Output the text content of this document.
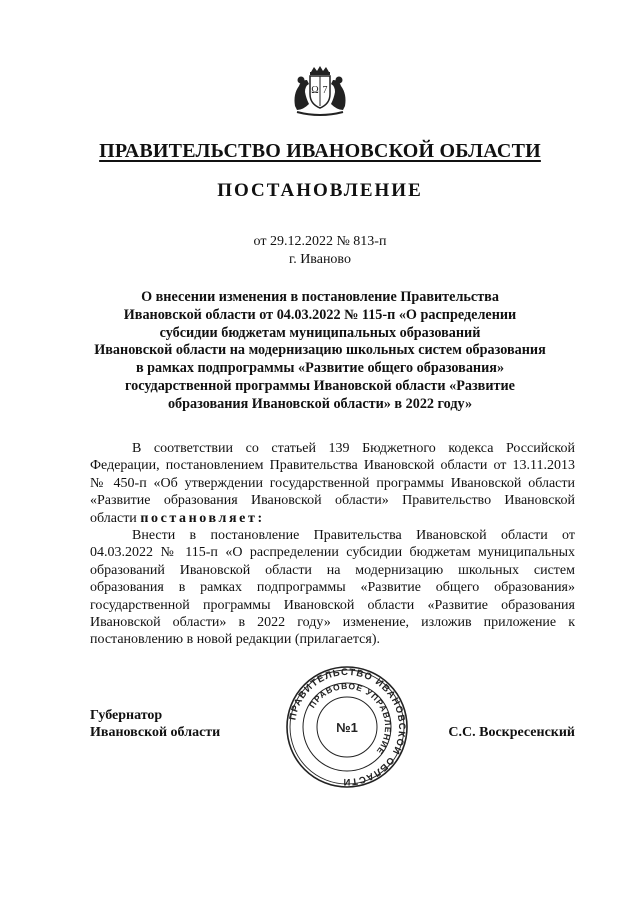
Ω 7
ПРАВИТЕЛЬСТВО ИВАНОВСКОЙ ОБЛАСТИ
ПОСТАНОВЛЕНИЕ
от 29.12.2022 № 813-п
г. Иваново
О внесении изменения в постановление Правительства
Ивановской области от 04.03.2022 № 115-п «О распределении
субсидии бюджетам муниципальных образований
Ивановской области на модернизацию школьных систем образования
в рамках подпрограммы «Развитие общего образования»
государственной программы Ивановской области «Развитие
образования Ивановской области» в 2022 году»

В соответствии со статьей 139 Бюджетного кодекса Российской Федерации, постановлением Правительства Ивановской области от 13.11.2013 № 450-п «Об утверждении государственной программы Ивановской области «Развитие образования Ивановской области» Правительство Ивановской области постановляет:

Внести в постановление Правительства Ивановской области от 04.03.2022 № 115-п «О распределении субсидии бюджетам муниципальных образований Ивановской области на модернизацию школьных систем образования в рамках подпрограммы «Развитие общего образования» государственной программы Ивановской области «Развитие образования Ивановской области» в 2022 году» изменение, изложив приложение к постановлению в новой редакции (прилагается).

Губернатор
Ивановской области
ПРАВИТЕЛЬСТВО ИВАНОВСКОЙ ОБЛАСТИ
ПРАВОВОЕ УПРАВЛЕНИЕ
№1	С.С. Воскресенский
